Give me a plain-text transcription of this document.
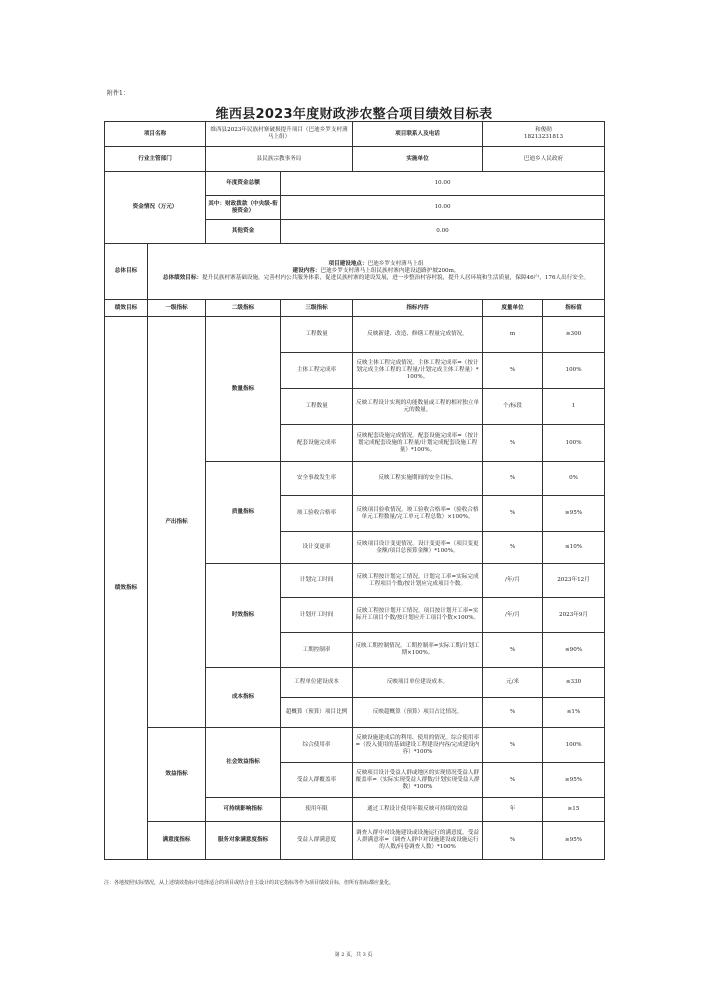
附件1：
维西县2023年度财政涉农整合项目绩效目标表
项目名称		维西县2023年民族村寨破损提升项目（巴迪乡罗支村薄马上组）		项目联系人及电话	和俊勋
18213231813	
行业主管部门		县民族宗教事务局		实施单位	巴迪乡人民政府	
资金情况（万元）		年度资金总额	10.00			
		其中：财政拨款（中央级-衔接资金）	10.00			
		其他资金	0.00			
总体目标	项目建设地点：巴迪乡罗支村薄马上组
建设内容：巴迪乡罗支村薄马上组民族村寨内建设道路护坡200m。
总体绩效目标：提升民族村寨基础设施，完善村内公共服务体系，促进民族村寨的建设发展，进一步整治村容村貌，提升人居环境和生活质量，保障46户，176人出行安全。					
绩效目标	一级指标	二级指标	三级指标	指标内容	度量单位	指标值
绩效指标	产出指标	数量指标	工程数量	反映新建、改造、修缮工程量完成情况。	m	≥300
			主体工程完成率	反映主体工程完成情况。主体工程完成率=（按计划完成主体工程的工程量/计划完成主体工程量）*100%。	%	100%
			工程数量	反映工程设计实现的功能数量或工程的相对独立单元的数量。	个/标段	1
			配套设施完成率	反映配套设施完成情况。配套设施完成率=（按计划完成配套设施的工程量/计划完成配套设施工程量）*100%。	%	100%
		质量指标	安全事故发生率	反映工程实施期间的安全目标。	%	0%
			竣工验收合格率	反映项目验收情况。竣工验收合格率=（验收合格单元工程数量/完工单元工程总数）×100%。	%	≥95%
			设计变更率	反映项目设计变更情况。设计变更率=（项目变更金额/项目总预算金额）*100%。	%	≤10%
		时效指标	计划完工时间	反映工程按计划完工情况。计划完工率=实际完成工程项目个数/按计划应完成项目个数。	/年/月	2023年12月
			计划开工时间	反映工程按计划开工情况。项目按计划开工率=实际开工项目个数/按计划应开工项目个数×100%。	/年/月	2023年9月
			工期控制率	反映工期控制情况。工期控制率=实际工期/计划工期×100%。	%	≤90%
		成本指标	工程单位建设成本	反映项目单位建设成本。	元/米	≤330
			超概算（预算）项目比例	反映超概算（预算）项目占比情况。	%	≤1%
	效益指标	社会效益指标	综合使用率	反映设施建成后的利用、使用的情况。综合使用率=（投入使用的基础建设工程建设内容/完成建设内容）*100%	%	100%
			受益人群覆盖率	反映项目设计受益人群或地区的实现情况受益人群覆盖率=（实际实现受益人群数/计划实现受益人群数）*100%	%	≥95%
		可持续影响指标	使用年限	通过工程设计使用年限反映可持续的效益	年	≥15
	满意度指标	服务对象满意度指标	受益人群满意度	调查人群中对设施建设或设施运行的满意度。受益人群满意率=（调查人群中对设施建设或设施运行的人数/问卷调查人数）*100%	%	≥95%
注：各地按照实际情况，从上述绩效指标中选择适合的项目或结合自主设计的其它指标等作为项目绩效目标，但所有指标都应量化。
第 2 页，共 3 页
